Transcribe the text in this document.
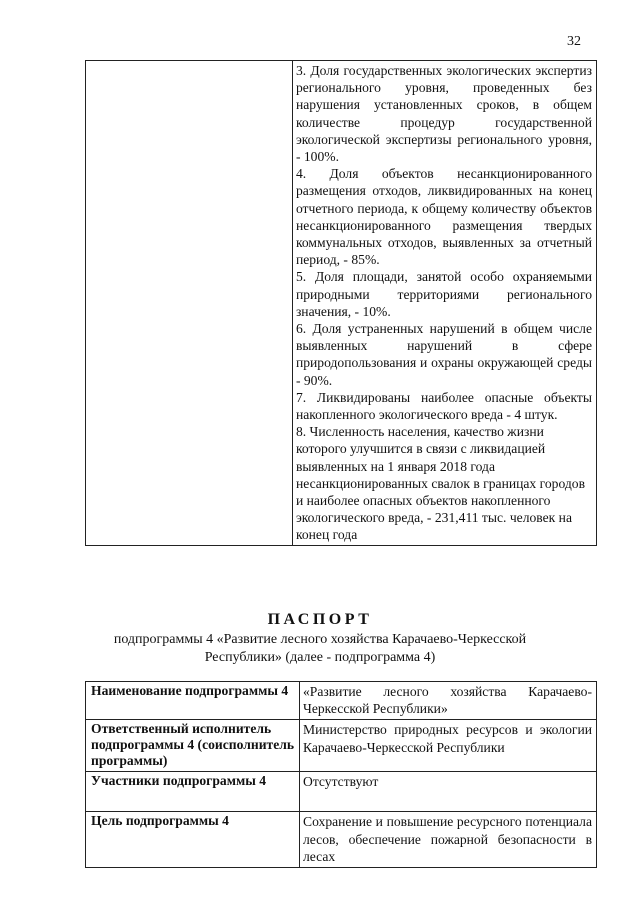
32

3. Доля государственных экологических экспертиз регионального уровня, проведенных без нарушения установленных сроков, в общем количестве процедур государственной экологической экспертизы регионального уровня, - 100%.
4. Доля объектов несанкционированного размещения отходов, ликвидированных на конец отчетного периода, к общему количеству объектов несанкционированного размещения твердых коммунальных отходов, выявленных за отчетный период, - 85%.
5. Доля площади, занятой особо охраняемыми природными территориями регионального значения, - 10%.
6. Доля устраненных нарушений в общем числе выявленных нарушений в сфере природопользования и охраны окружающей среды - 90%.
7. Ликвидированы наиболее опасные объекты накопленного экологического вреда - 4 штук.
8. Численность населения, качество жизни которого улучшится в связи с ликвидацией выявленных на 1 января 2018 года несанкционированных свалок в границах городов и наиболее опасных объектов накопленного экологического вреда, - 231,411 тыс. человек на конец года
ПАСПОРТ
подпрограммы 4 «Развитие лесного хозяйства Карачаево-Черкесской Республики» (далее - подпрограмма 4)
Наименование подпрограммы 4	«Развитие лесного хозяйства Карачаево-Черкесской Республики»
Ответственный исполнитель подпрограммы 4 (соисполнитель программы)	Министерство природных ресурсов и экологии Карачаево-Черкесской Республики
Участники подпрограммы 4	Отсутствуют
Цель подпрограммы 4	Сохранение и повышение ресурсного потенциала лесов, обеспечение пожарной безопасности в лесах
